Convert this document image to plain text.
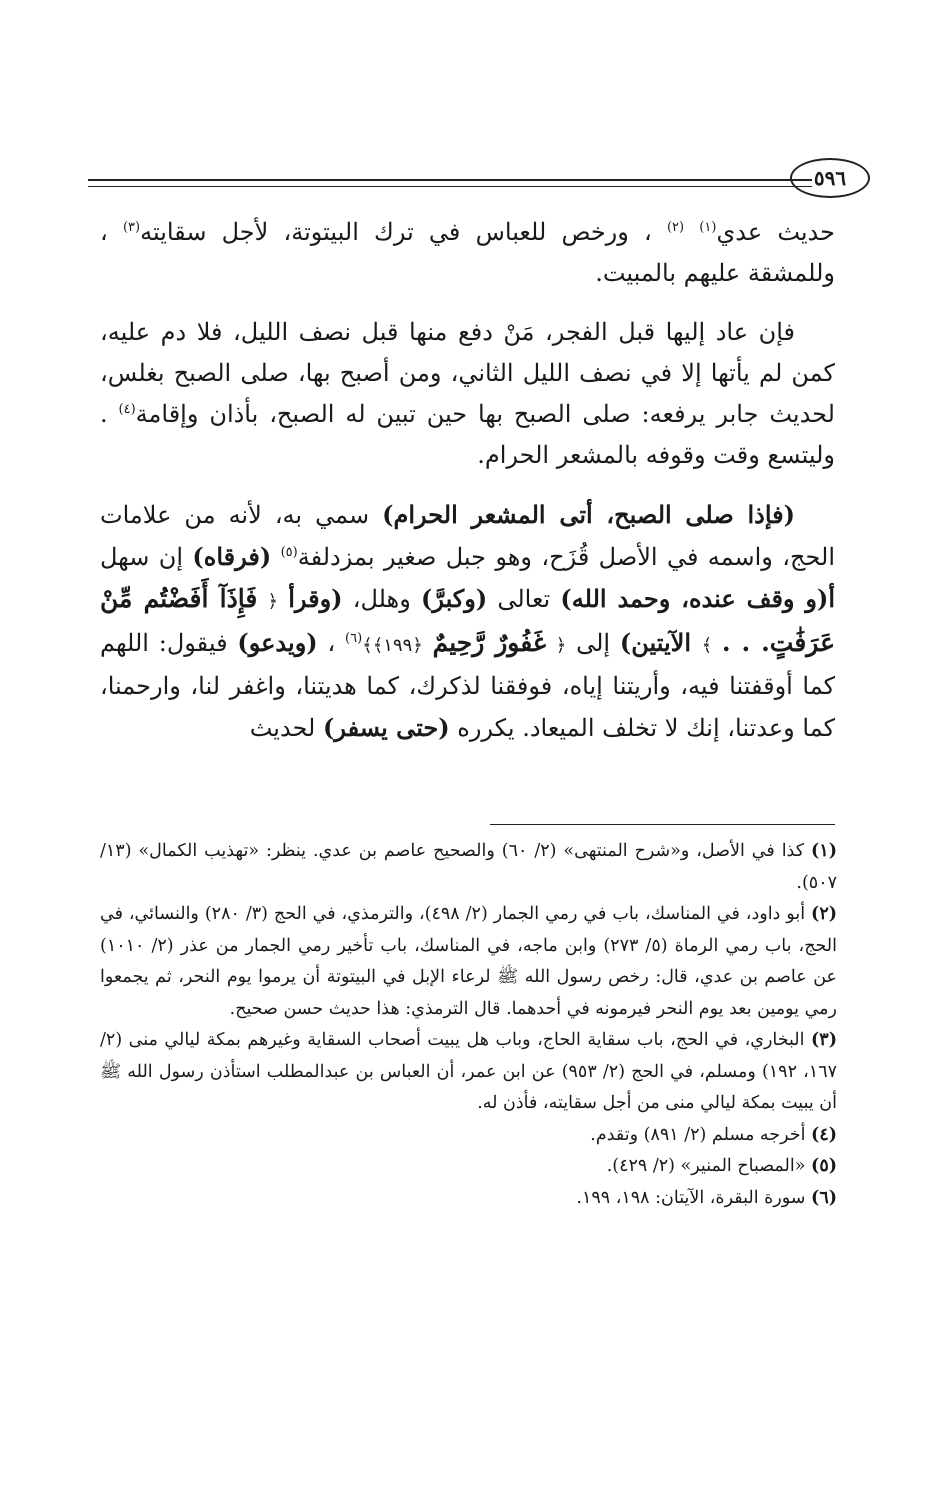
٥٩٦

حديث عدي$^{(١)}$ $^{(٢)}$ ، ورخص للعباس في ترك البيتوتة، لأجل سقايته$^{(٣)}$ ، وللمشقة عليهم بالمبيت.

فإن عاد إليها قبل الفجر، مَنْ دفع منها قبل نصف الليل، فلا دم عليه، كمن لم يأتها إلا في نصف الليل الثاني، ومن أصبح بها، صلى الصبح بغلس، لحديث جابر يرفعه: صلى الصبح بها حين تبين له الصبح، بأذان وإقامة$^{(٤)}$ . وليتسع وقت وقوفه بالمشعر الحرام.

(فإذا صلى الصبح، أتى المشعر الحرام) سمي به، لأنه من علامات الحج، واسمه في الأصل قُزَح، وهو جبل صغير بمزدلفة$^{(٥)}$ (فرقاه) إن سهل أ(و وقف عنده، وحمد الله) تعالى (وكبرَّ) وهلل، (وقرأ ﴿ فَإِذَآ أَفَضْتُم مِّنْ عَرَفَٰتٍ. . . ﴾ الآيتين) إلى ﴿ غَفُورٌ رَّحِيمٌ ﴿١٩٩﴾﴾$^{(٦)}$ ، (ويدعو) فيقول: اللهم كما أوقفتنا فيه، وأريتنا إياه، فوفقنا لذكرك، كما هديتنا، واغفر لنا، وارحمنا، كما وعدتنا، إنك لا تخلف الميعاد. يكرره (حتى يسفر) لحديث

(١) كذا في الأصل، و«شرح المنتهى» (٢/ ٦٠) والصحيح عاصم بن عدي. ينظر: «تهذيب الكمال» (١٣/ ٥٠٧).

(٢) أبو داود، في المناسك، باب في رمي الجمار (٢/ ٤٩٨)، والترمذي، في الحج (٣/ ٢٨٠) والنسائي، في الحج، باب رمي الرماة (٥/ ٢٧٣) وابن ماجه، في المناسك، باب تأخير رمي الجمار من عذر (٢/ ١٠١٠) عن عاصم بن عدي، قال: رخص رسول الله ﷺ لرعاء الإبل في البيتوتة أن يرموا يوم النحر، ثم يجمعوا رمي يومين بعد يوم النحر فيرمونه في أحدهما. قال الترمذي: هذا حديث حسن صحيح.

(٣) البخاري، في الحج، باب سقاية الحاج، وباب هل يبيت أصحاب السقاية وغيرهم بمكة ليالي منى (٢/ ١٦٧، ١٩٢) ومسلم، في الحج (٢/ ٩٥٣) عن ابن عمر، أن العباس بن عبدالمطلب استأذن رسول الله ﷺ أن يبيت بمكة ليالي منى من أجل سقايته، فأذن له.

(٤) أخرجه مسلم (٢/ ٨٩١) وتقدم.

(٥) «المصباح المنير» (٢/ ٤٢٩).

(٦) سورة البقرة، الآيتان: ١٩٨، ١٩٩.
